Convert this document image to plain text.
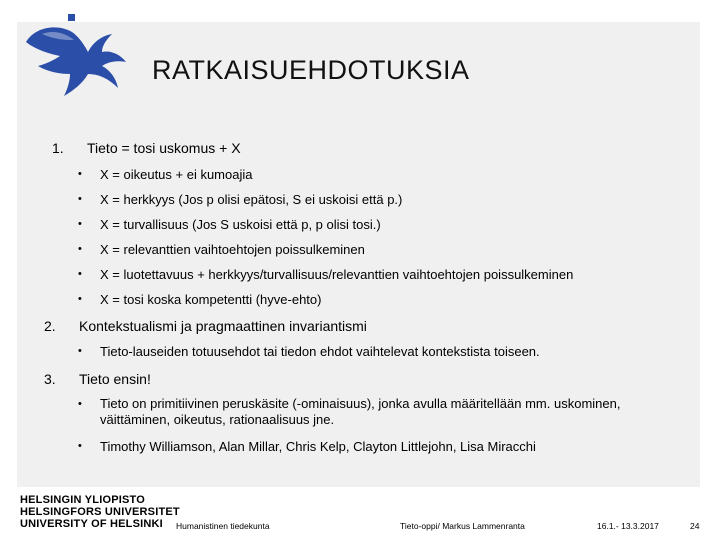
RATKAISUEHDOTUKSIA
1. Tieto = tosi uskomus + X
• X = oikeutus + ei kumoajia
• X = herkkyys (Jos p olisi epätosi, S ei uskoisi että p.)
• X = turvallisuus (Jos S uskoisi että p, p olisi tosi.)
• X = relevanttien vaihtoehtojen poissulkeminen
• X = luotettavuus + herkkyys/turvallisuus/relevanttien vaihtoehtojen poissulkeminen
• X = tosi koska kompetentti (hyve-ehto)
2. Kontekstualismi ja pragmaattinen invariantismi
• Tieto-lauseiden totuusehdot tai tiedon ehdot vaihtelevat kontekstista toiseen.
3. Tieto ensin!
• Tieto on primitiivinen peruskäsite (-ominaisuus), jonka avulla määritellään mm. uskominen, väittäminen, oikeutus, rationaalisuus jne.
• Timothy Williamson, Alan Millar, Chris Kelp, Clayton Littlejohn, Lisa Miracchi
HELSINGIN YLIOPISTO
HELSINGFORS UNIVERSITET
UNIVERSITY OF HELSINKI	Humanistinen tiedekunta	Tieto-oppi/ Markus Lammenranta	16.1.- 13.3.2017	24
